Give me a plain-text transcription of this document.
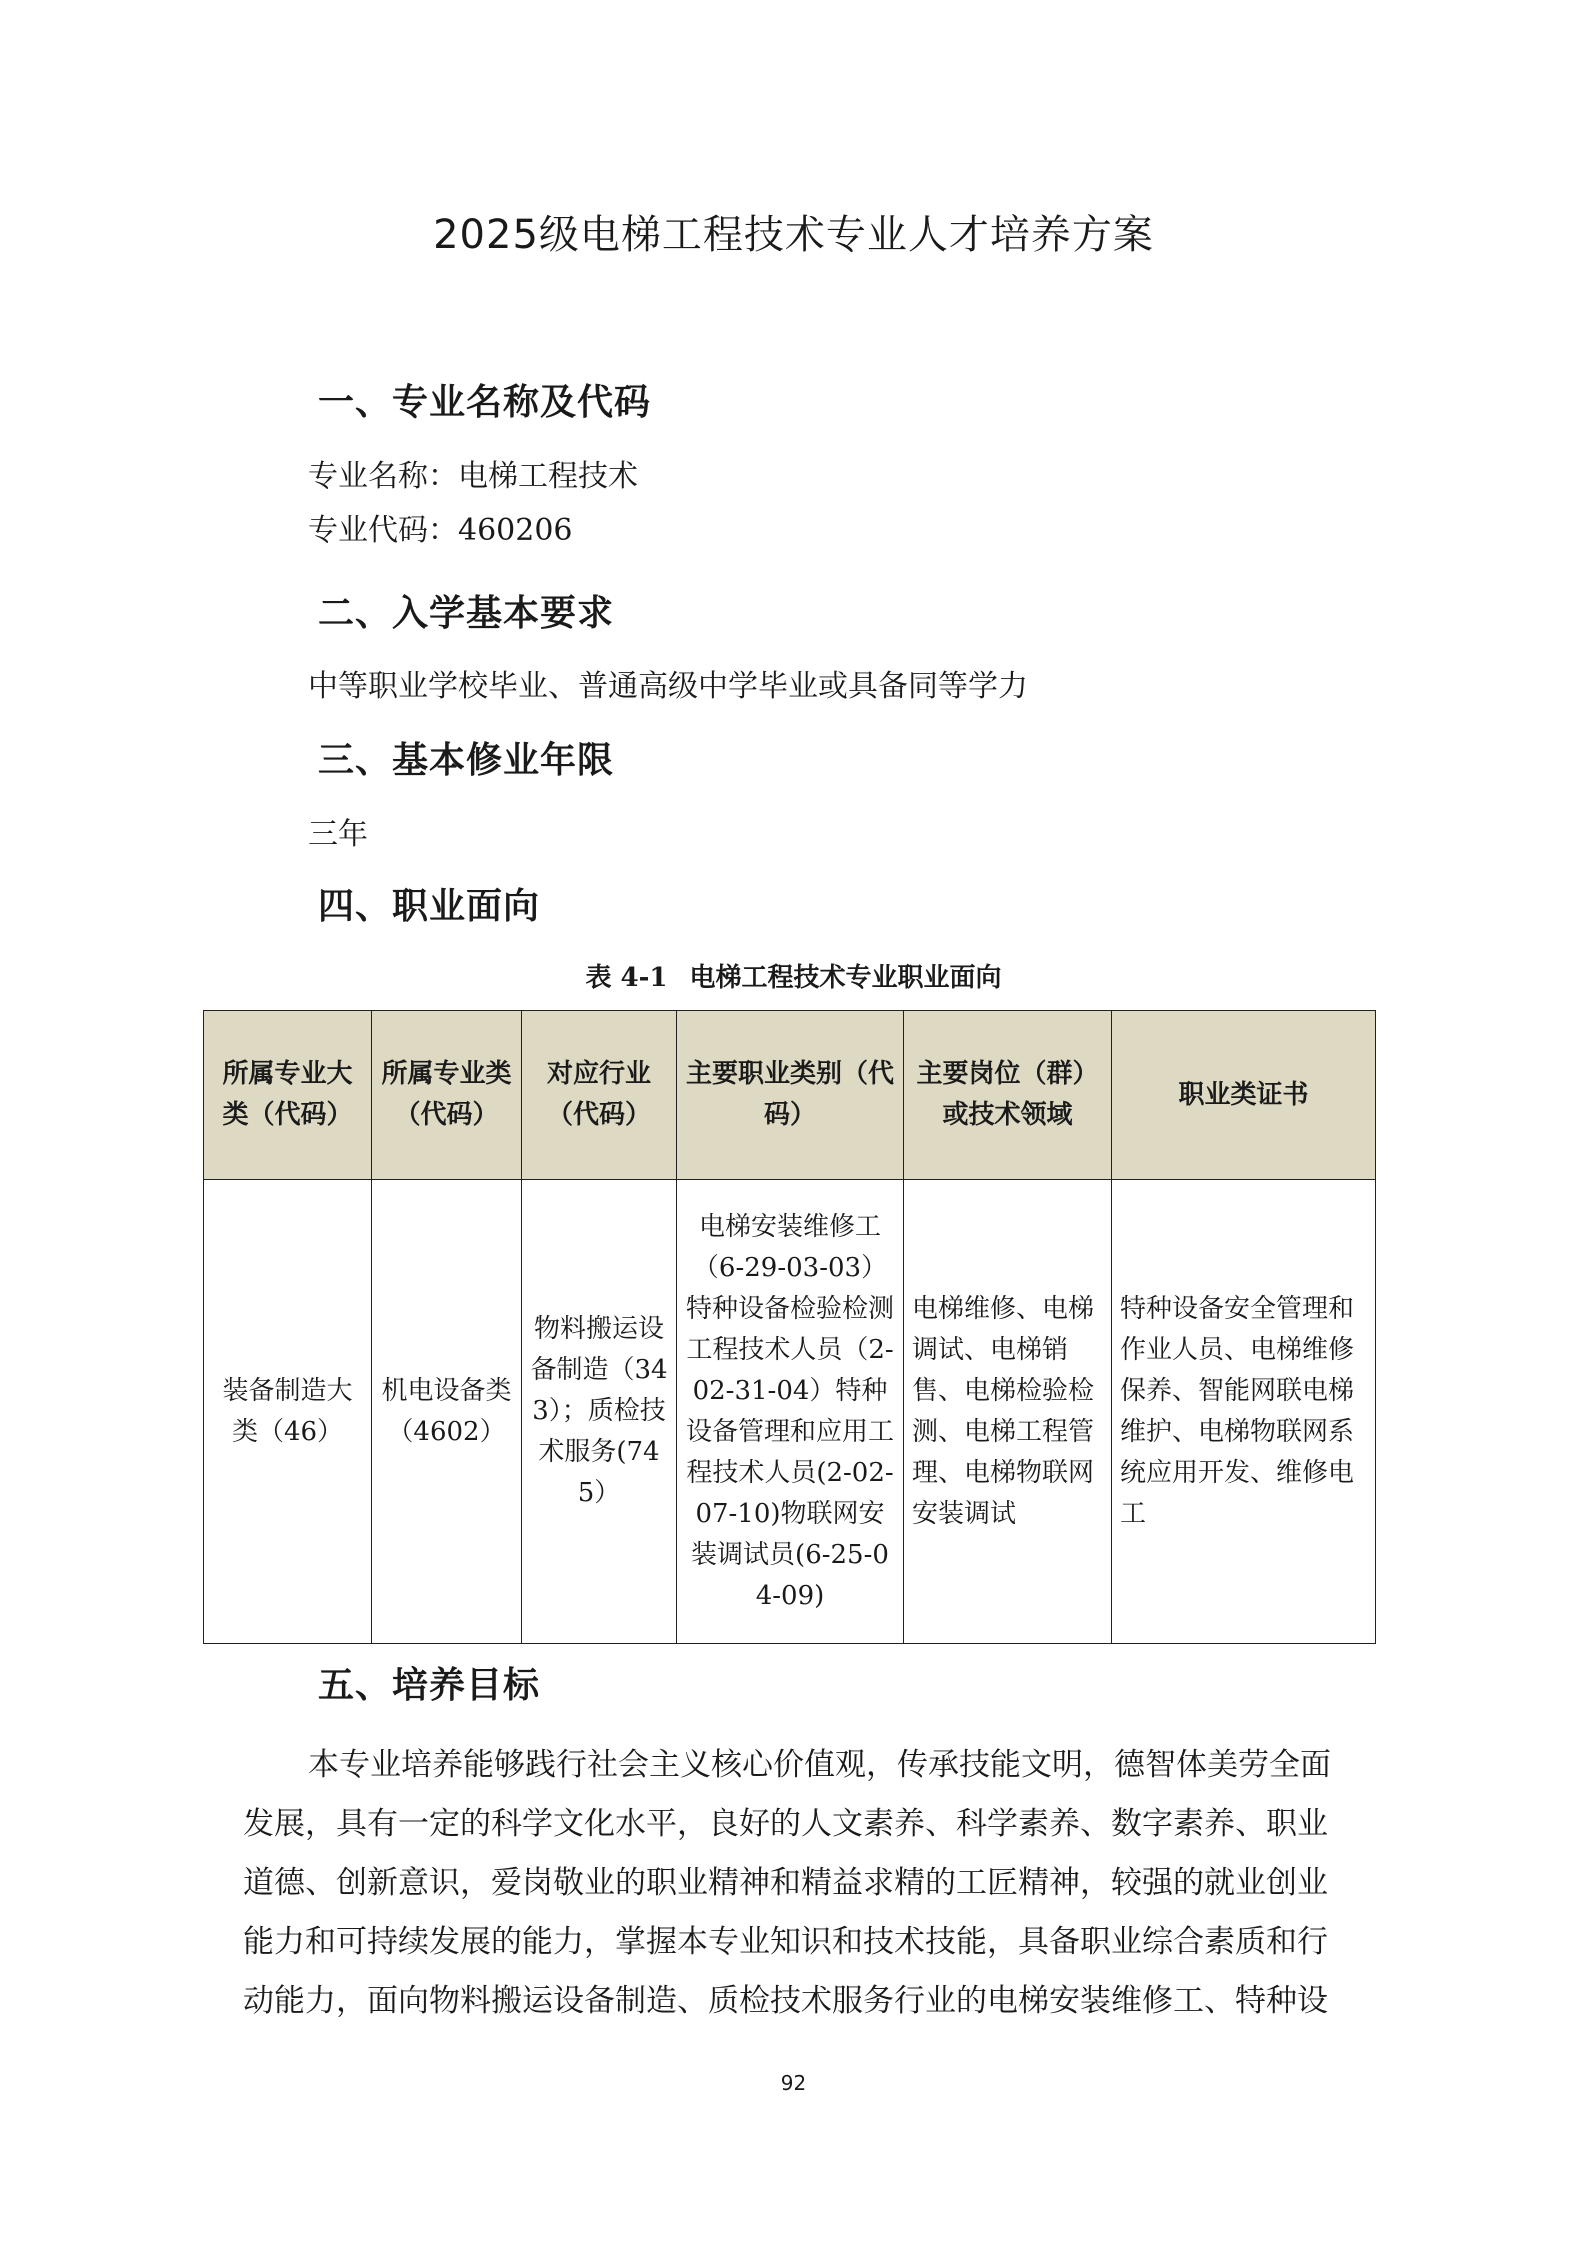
2025级电梯工程技术专业人才培养方案
一、专业名称及代码
专业名称：电梯工程技术
专业代码：460206
二、入学基本要求
中等职业学校毕业、普通高级中学毕业或具备同等学力
三、基本修业年限
三年
四、职业面向
表 4-1 电梯工程技术专业职业面向
所属专业大类（代码）	所属专业类（代码）	对应行业（代码）	主要职业类别（代码）	主要岗位（群）或技术领域	职业类证书
装备制造大类（46）	机电设备类（4602）	物料搬运设备制造（343）；质检技术服务(745）	电梯安装维修工（6-29-03-03）特种设备检验检测工程技术人员（2-02-31-04）特种设备管理和应用工程技术人员(2-02-07-10)物联网安装调试员(6-25-04-09)	电梯维修、电梯调试、电梯销售、电梯检验检测、电梯工程管理、电梯物联网安装调试	特种设备安全管理和作业人员、电梯维修保养、智能网联电梯维护、电梯物联网系统应用开发、维修电工
五、培养目标
本专业培养能够践行社会主义核心价值观，传承技能文明，德智体美劳全面
发展，具有一定的科学文化水平，良好的人文素养、科学素养、数字素养、职业
道德、创新意识，爱岗敬业的职业精神和精益求精的工匠精神，较强的就业创业
能力和可持续发展的能力，掌握本专业知识和技术技能，具备职业综合素质和行
动能力，面向物料搬运设备制造、质检技术服务行业的电梯安装维修工、特种设
92
